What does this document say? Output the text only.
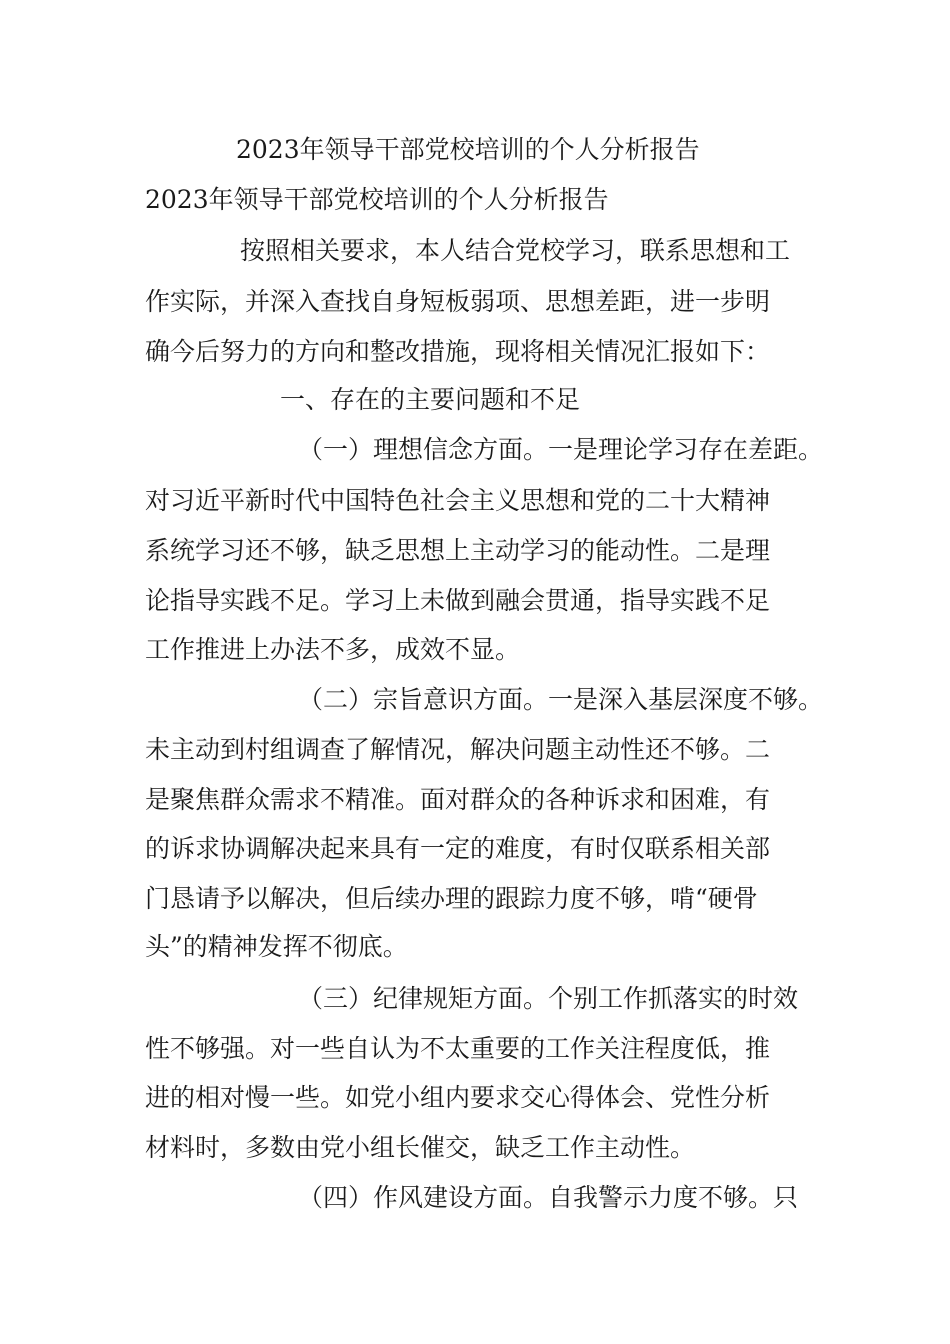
2023年领导干部党校培训的个人分析报告
2023年领导干部党校培训的个人分析报告
按照相关要求，本人结合党校学习，联系思想和工
作实际，并深入查找自身短板弱项、思想差距，进一步明
确今后努力的方向和整改措施，现将相关情况汇报如下：
一、存在的主要问题和不足
（一）理想信念方面。一是理论学习存在差距。
对习近平新时代中国特色社会主义思想和党的二十大精神
系统学习还不够，缺乏思想上主动学习的能动性。二是理
论指导实践不足。学习上未做到融会贯通，指导实践不足
工作推进上办法不多，成效不显。
（二）宗旨意识方面。一是深入基层深度不够。
未主动到村组调查了解情况，解决问题主动性还不够。二
是聚焦群众需求不精准。面对群众的各种诉求和困难，有
的诉求协调解决起来具有一定的难度，有时仅联系相关部
门恳请予以解决，但后续办理的跟踪力度不够，啃“硬骨
头”的精神发挥不彻底。
（三）纪律规矩方面。个别工作抓落实的时效
性不够强。对一些自认为不太重要的工作关注程度低，推
进的相对慢一些。如党小组内要求交心得体会、党性分析
材料时，多数由党小组长催交，缺乏工作主动性。
（四）作风建设方面。自我警示力度不够。只
